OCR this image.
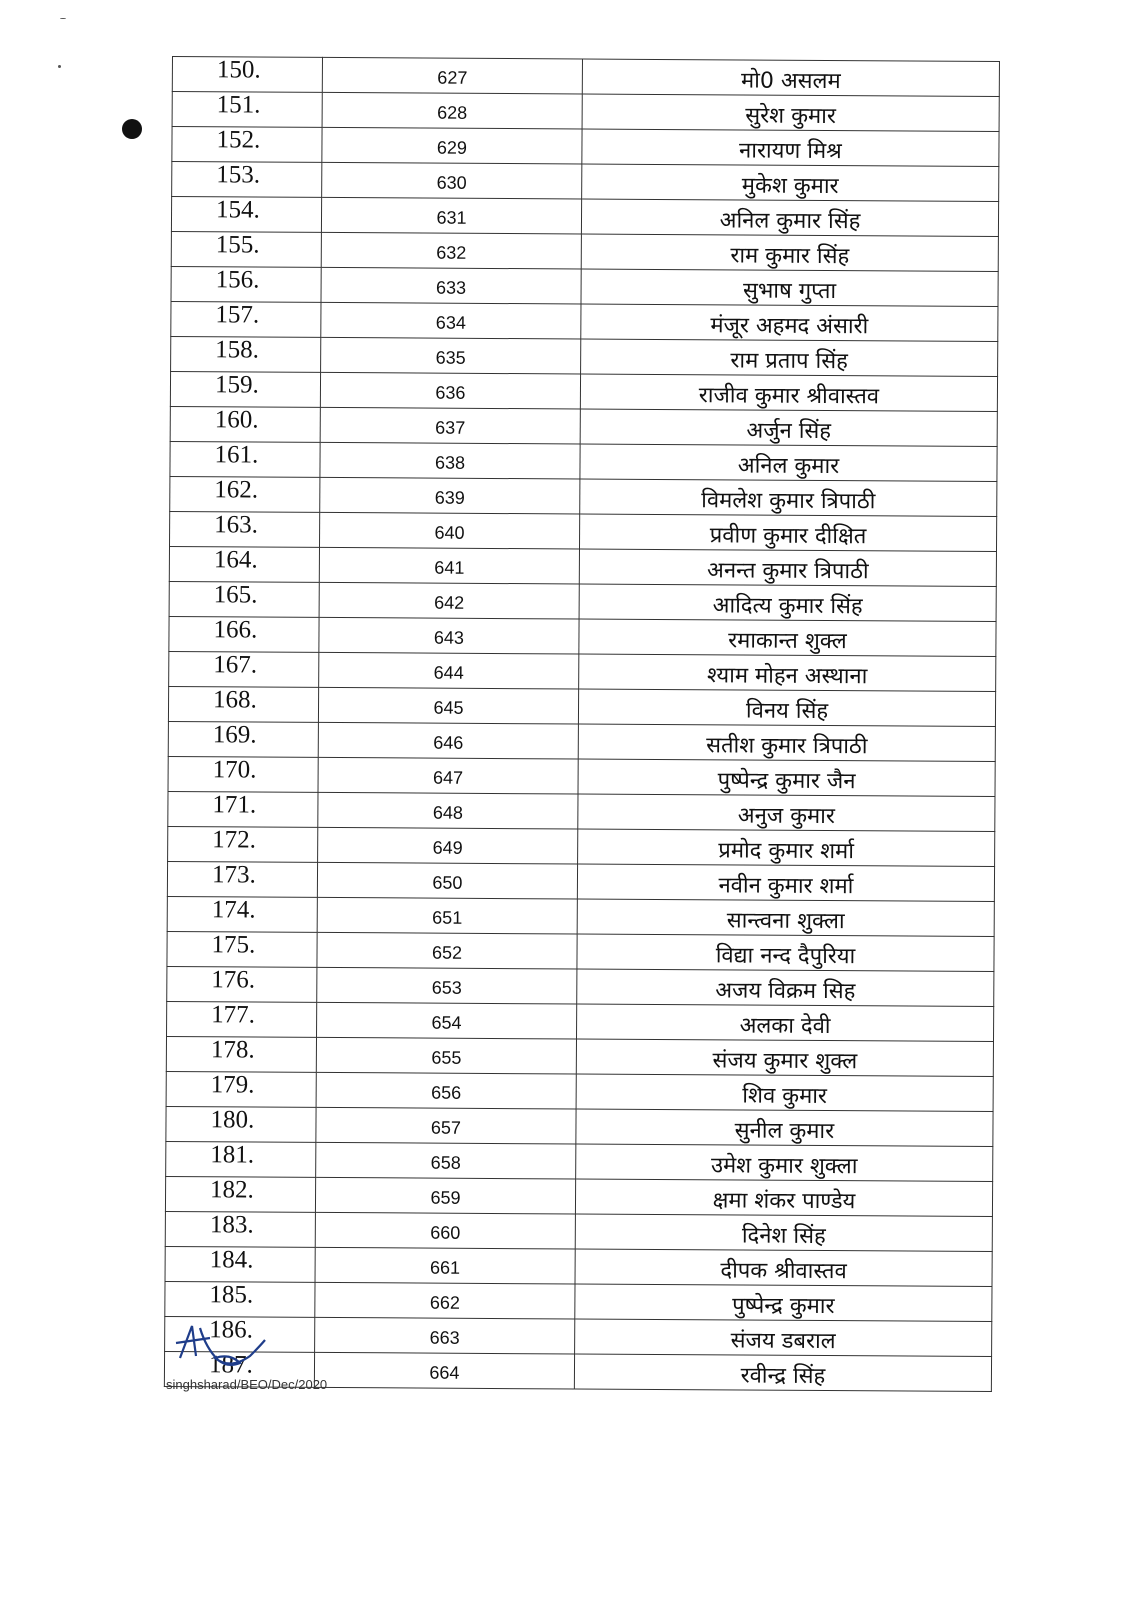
150.	627	मो0 असलम
151.	628	सुरेश कुमार
152.	629	नारायण मिश्र
153.	630	मुकेश कुमार
154.	631	अनिल कुमार सिंह
155.	632	राम कुमार सिंह
156.	633	सुभाष गुप्ता
157.	634	मंजूर अहमद अंसारी
158.	635	राम प्रताप सिंह
159.	636	राजीव कुमार श्रीवास्तव
160.	637	अर्जुन सिंह
161.	638	अनिल कुमार
162.	639	विमलेश कुमार त्रिपाठी
163.	640	प्रवीण कुमार दीक्षित
164.	641	अनन्त कुमार त्रिपाठी
165.	642	आदित्य कुमार सिंह
166.	643	रमाकान्त शुक्ल
167.	644	श्याम मोहन अस्थाना
168.	645	विनय सिंह
169.	646	सतीश कुमार त्रिपाठी
170.	647	पुष्पेन्द्र कुमार जैन
171.	648	अनुज कुमार
172.	649	प्रमोद कुमार शर्मा
173.	650	नवीन कुमार शर्मा
174.	651	सान्त्वना शुक्ला
175.	652	विद्या नन्द दैपुरिया
176.	653	अजय विक्रम सिह
177.	654	अलका देवी
178.	655	संजय कुमार शुक्ल
179.	656	शिव कुमार
180.	657	सुनील कुमार
181.	658	उमेश कुमार शुक्ला
182.	659	क्षमा शंकर पाण्डेय
183.	660	दिनेश सिंह
184.	661	दीपक श्रीवास्तव
185.	662	पुष्पेन्द्र कुमार
186.	663	संजय डबराल
187.	664	रवीन्द्र सिंह
singhsharad/BEO/Dec/2020
